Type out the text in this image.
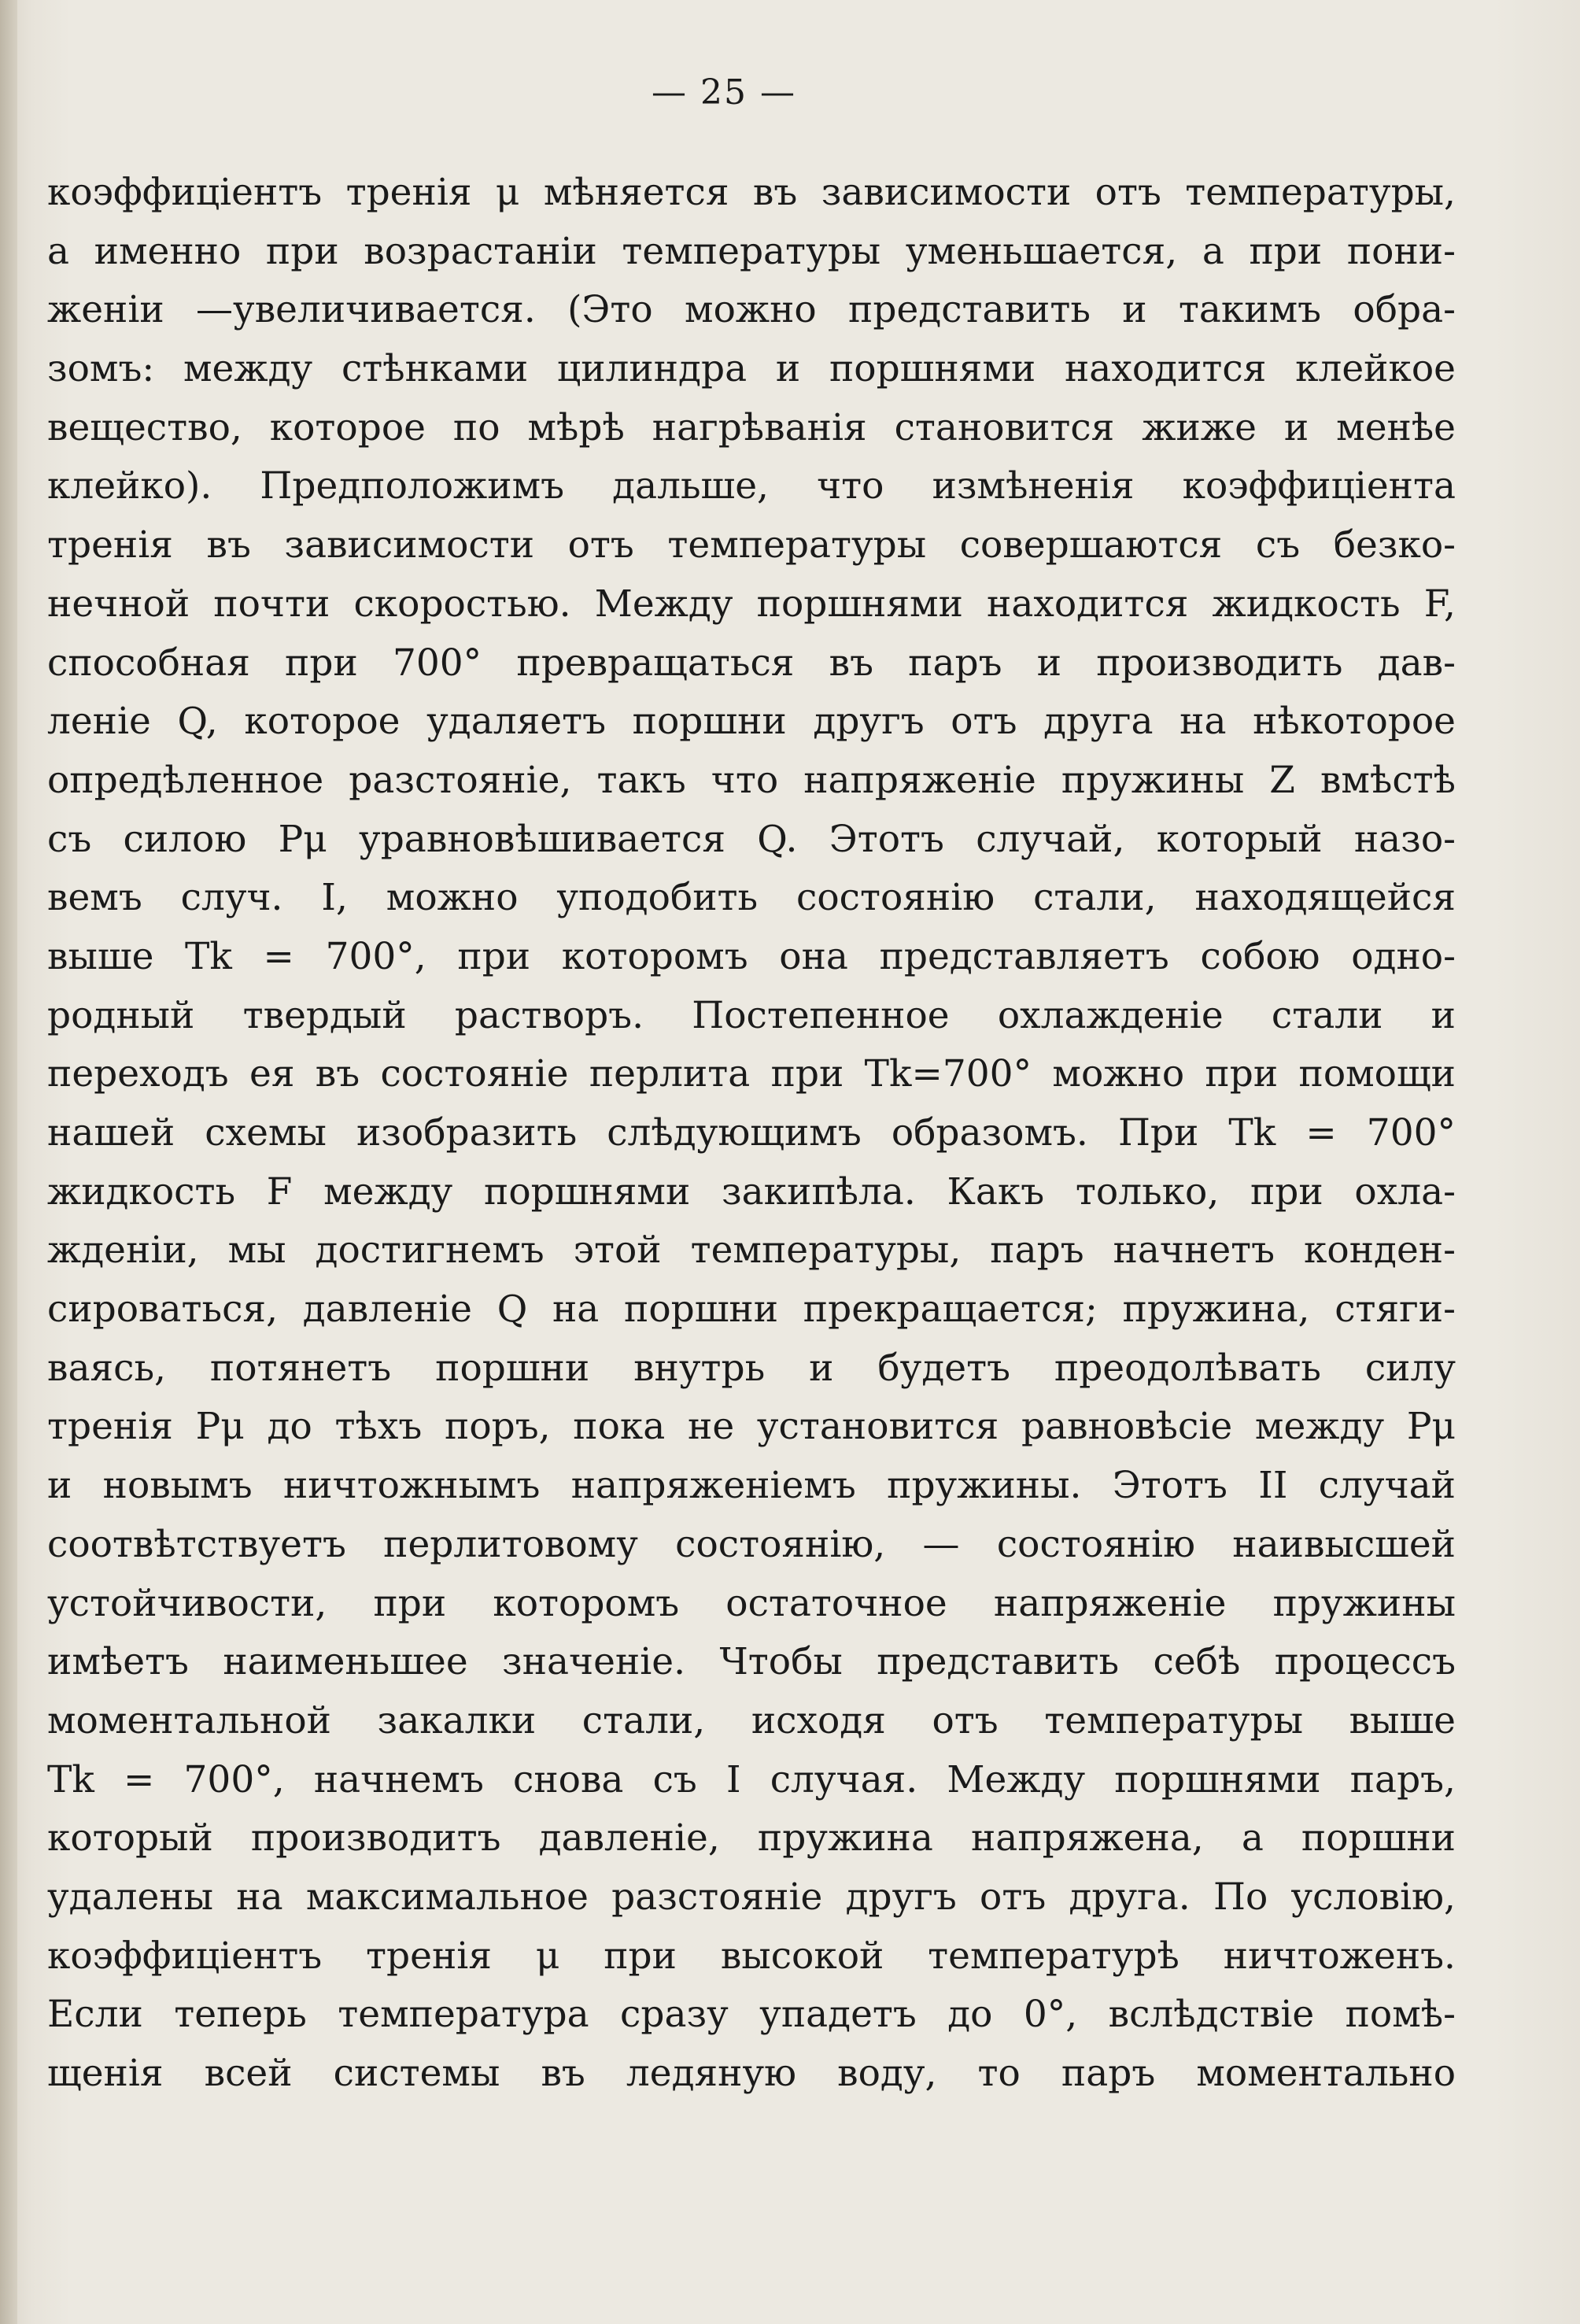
— 25 —
коэффиціентъ тренія μ мѣняется въ зависимости отъ температуры,
а именно при возрастаніи температуры уменьшается, а при пони-
женіи —увеличивается. (Это можно представить и такимъ обра-
зомъ: между стѣнками цилиндра и поршнями находится клейкое
вещество, которое по мѣрѣ нагрѣванія становится жиже и менѣе
клейко). Предположимъ дальше, что измѣненія коэффиціента
тренія въ зависимости отъ температуры совершаются съ безко-
нечной почти скоростью. Между поршнями находится жидкость F,
способная при 700° превращаться въ паръ и производить дав-
леніе Q, которое удаляетъ поршни другъ отъ друга на нѣкоторое
опредѣленное разстояніе, такъ что напряженіе пружины Z вмѣстѣ
съ силою Pμ уравновѣшивается Q. Этотъ случай, который назо-
вемъ случ. I, можно уподобить состоянію стали, находящейся
выше Tk = 700°, при которомъ она представляетъ собою одно-
родный твердый растворъ. Постепенное охлажденіе стали и
переходъ ея въ состояніе перлита при Tk=700° можно при помощи
нашей схемы изобразить слѣдующимъ образомъ. При Tk = 700°
жидкость F между поршнями закипѣла. Какъ только, при охла-
жденіи, мы достигнемъ этой температуры, паръ начнетъ конден-
сироваться, давленіе Q на поршни прекращается; пружина, стяги-
ваясь, потянетъ поршни внутрь и будетъ преодолѣвать силу
тренія Pμ до тѣхъ поръ, пока не установится равновѣсіе между Pμ
и новымъ ничтожнымъ напряженіемъ пружины. Этотъ II случай
соотвѣтствуетъ перлитовому состоянію, — состоянію наивысшей
устойчивости, при которомъ остаточное напряженіе пружины
имѣетъ наименьшее значеніе. Чтобы представить себѣ процессъ
моментальной закалки стали, исходя отъ температуры выше
Tk = 700°, начнемъ снова съ I случая. Между поршнями паръ,
который производитъ давленіе, пружина напряжена, а поршни
удалены на максимальное разстояніе другъ отъ друга. По условію,
коэффиціентъ тренія μ при высокой температурѣ ничтоженъ.
Если теперь температура сразу упадетъ до 0°, вслѣдствіе помѣ-
щенія всей системы въ ледяную воду, то паръ моментально
